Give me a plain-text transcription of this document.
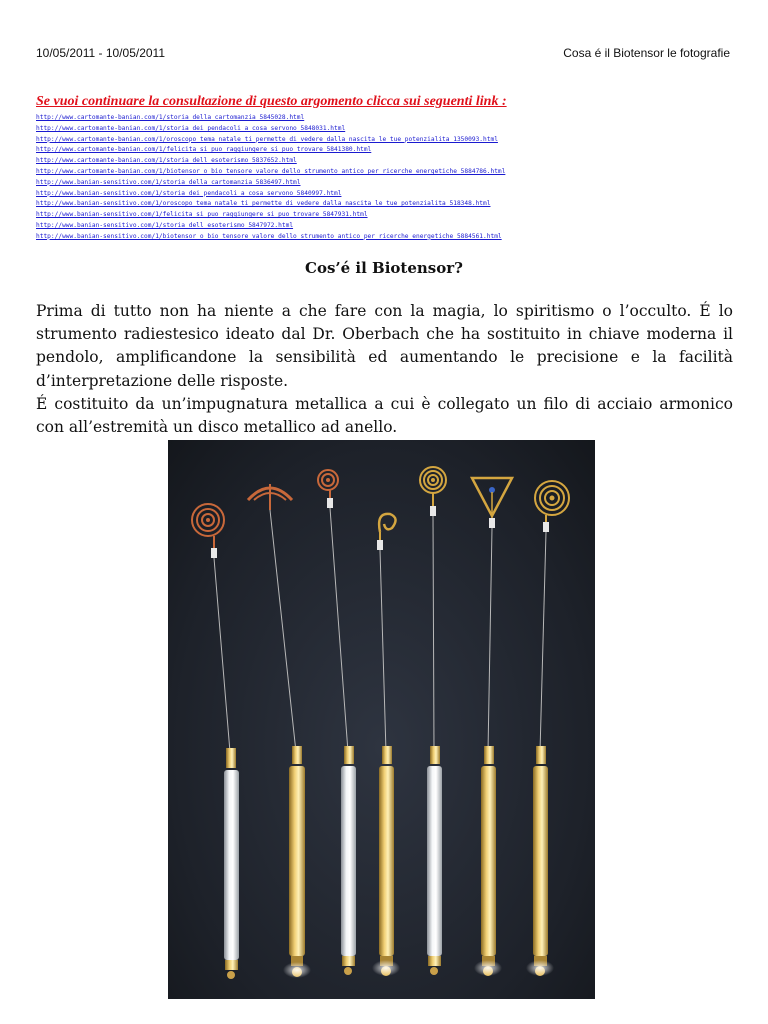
10/05/2011 - 10/05/2011	Cosa é il Biotensor le fotografie

Se vuoi continuare la consultazione di questo argomento clicca sui seguenti link :

http://www.cartomante-banian.com/1/storia_della_cartomanzia_5845028.html
http://www.cartomante-banian.com/1/storia_dei_pendacoli_a_cosa_servono_5848031.html
http://www.cartomante-banian.com/1/oroscopo_tema_natale_ti_permette_di_vedere_dalla_nascita_le_tue_potenzialita_1350093.html
http://www.cartomante-banian.com/1/felicita_si_puo_raggiungere_si_puo_trovare_5841380.html
http://www.cartomante-banian.com/1/storia_dell_esoterismo_5837652.html
http://www.cartomante-banian.com/1/biotensor_o_bio_tensore_valore_dello_strumento_antico_per_ricerche_energetiche_5884786.html
http://www.banian-sensitivo.com/1/storia_della_cartomanzia_5836497.html
http://www.banian-sensitivo.com/1/storia_dei_pendacoli_a_cosa_servono_5840997.html
http://www.banian-sensitivo.com/1/oroscopo_tema_natale_ti_permette_di_vedere_dalla_nascita_le_tue_potenzialita_518348.html
http://www.banian-sensitivo.com/1/felicita_si_puo_raggiungere_si_puo_trovare_5847931.html
http://www.banian-sensitivo.com/1/storia_dell_esoterismo_5847972.html
http://www.banian-sensitivo.com/1/biotensor_o_bio_tensore_valore_dello_strumento_antico_per_ricerche_energetiche_5884561.html
Cos’é il Biotensor?

Prima di tutto non ha niente a che fare con la magia, lo spiritismo o l’occulto. É lo strumento radiestesico ideato dal Dr. Oberbach che ha sostituito in chiave moderna il pendolo, amplificandone la sensibilità ed aumentando le precisione e la facilità d’interpretazione delle risposte.

É costituito da un’impugnatura metallica a cui è collegato un filo di acciaio armonico con all’estremità un disco metallico ad anello.
